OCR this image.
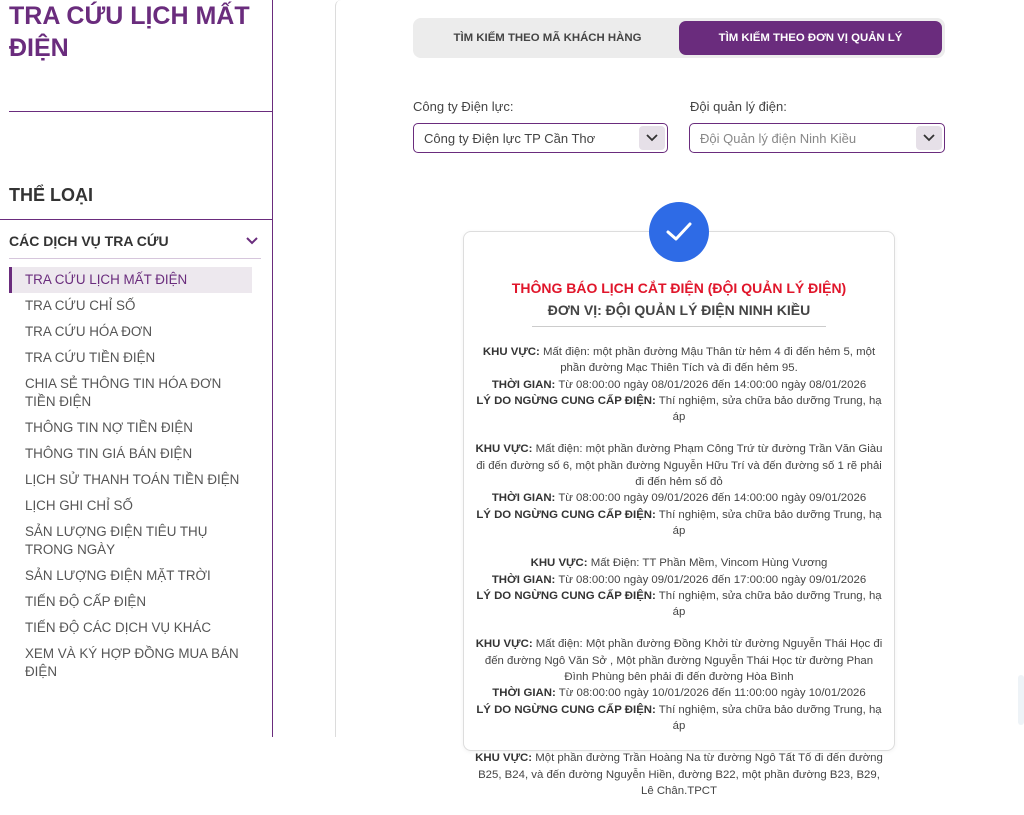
TRA CỨU LỊCH MẤT ĐIỆN
THỂ LOẠI
CÁC DỊCH VỤ TRA CỨU
TRA CỨU LỊCH MẤT ĐIỆN
TRA CỨU CHỈ SỐ
TRA CỨU HÓA ĐƠN
TRA CỨU TIỀN ĐIỆN
CHIA SẺ THÔNG TIN HÓA ĐƠN TIỀN ĐIỆN
THÔNG TIN NỢ TIỀN ĐIỆN
THÔNG TIN GIÁ BÁN ĐIỆN
LỊCH SỬ THANH TOÁN TIỀN ĐIỆN
LỊCH GHI CHỈ SỐ
SẢN LƯỢNG ĐIỆN TIÊU THỤ TRONG NGÀY
SẢN LƯỢNG ĐIỆN MẶT TRỜI
TIẾN ĐỘ CẤP ĐIỆN
TIẾN ĐỘ CÁC DỊCH VỤ KHÁC
XEM VÀ KÝ HỢP ĐỒNG MUA BÁN ĐIỆN
TÌM KIẾM THEO MÃ KHÁCH HÀNG	TÌM KIẾM THEO ĐƠN VỊ QUẢN LÝ
Công ty Điện lực:
Công ty Điện lực TP Cần Thơ
Đội quản lý điện:
Đội Quản lý điện Ninh Kiều
THÔNG BÁO LỊCH CẮT ĐIỆN (ĐỘI QUẢN LÝ ĐIỆN)
ĐƠN VỊ: ĐỘI QUẢN LÝ ĐIỆN NINH KIỀU
KHU VỰC: Mất điện: một phần đường Mậu Thân từ hẻm 4 đi đến hẻm 5, một phần đường Mạc Thiên Tích và đi đến hẻm 95.
THỜI GIAN: Từ 08:00:00 ngày 08/01/2026 đến 14:00:00 ngày 08/01/2026
LÝ DO NGỪNG CUNG CẤP ĐIỆN: Thí nghiệm, sửa chữa bảo dưỡng Trung, hạ áp
KHU VỰC: Mất điện: một phần đường Phạm Công Trứ từ đường Trần Văn Giàu đi đến đường số 6, một phần đường Nguyễn Hữu Trí và đến đường số 1 rẽ phải đi đến hẻm số đỏ
THỜI GIAN: Từ 08:00:00 ngày 09/01/2026 đến 14:00:00 ngày 09/01/2026
LÝ DO NGỪNG CUNG CẤP ĐIỆN: Thí nghiệm, sửa chữa bảo dưỡng Trung, hạ áp
KHU VỰC: Mất Điện: TT Phần Mềm, Vincom Hùng Vương
THỜI GIAN: Từ 08:00:00 ngày 09/01/2026 đến 17:00:00 ngày 09/01/2026
LÝ DO NGỪNG CUNG CẤP ĐIỆN: Thí nghiệm, sửa chữa bảo dưỡng Trung, hạ áp
KHU VỰC: Mất điện: Một phần đường Đồng Khởi từ đường Nguyễn Thái Học đi đến đường Ngô Văn Sở , Một phần đường Nguyễn Thái Học từ đường Phan Đình Phùng bên phải đi đến đường Hòa Bình
THỜI GIAN: Từ 08:00:00 ngày 10/01/2026 đến 11:00:00 ngày 10/01/2026
LÝ DO NGỪNG CUNG CẤP ĐIỆN: Thí nghiệm, sửa chữa bảo dưỡng Trung, hạ áp
KHU VỰC: Một phần đường Trần Hoàng Na từ đường Ngô Tất Tố đi đến đường B25, B24, và đến đường Nguyễn Hiền, đường B22, một phần đường B23, B29, Lê Chân.TPCT
